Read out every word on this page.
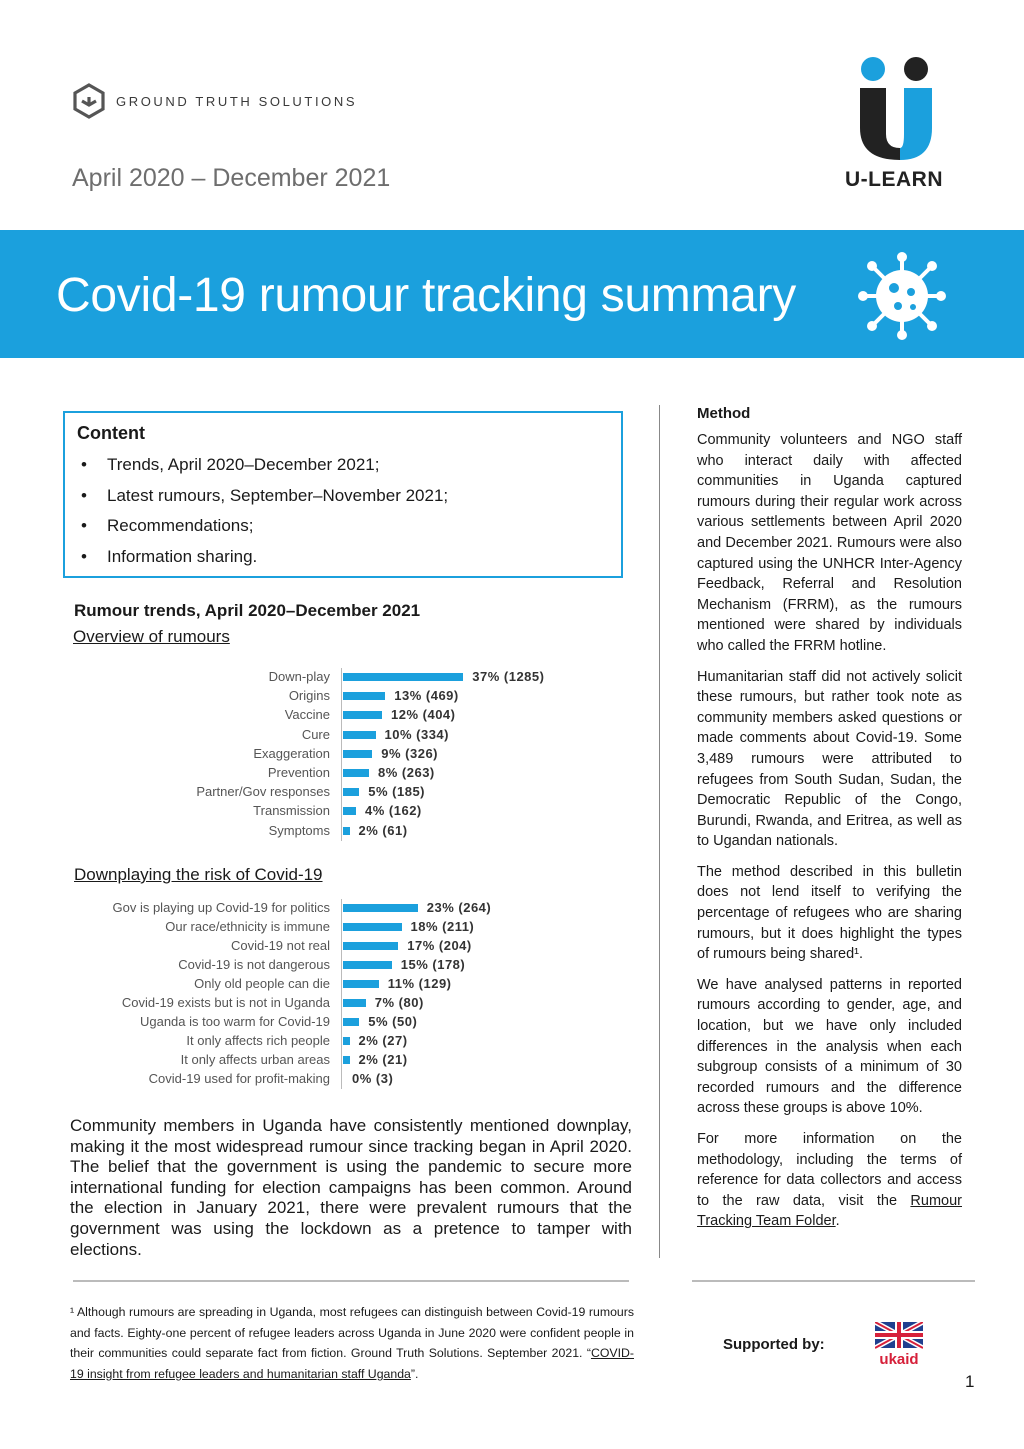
GROUND TRUTH SOLUTIONS
April 2020 – December 2021	U-LEARN
Covid-19 rumour tracking summary
Content
• Trends, April 2020–December 2021;
• Latest rumours, September–November 2021;
• Recommendations;
• Information sharing.
Rumour trends, April 2020–December 2021
Overview of rumours
Down-play	37% (1285)
Origins	13% (469)
Vaccine	12% (404)
Cure	10% (334)
Exaggeration	9% (326)
Prevention	8% (263)
Partner/Gov responses	5% (185)
Transmission	4% (162)
Symptoms 2% (61)
Downplaying the risk of Covid-19
Gov is playing up Covid-19 for politics	23% (264)
Our race/ethnicity is immune	18% (211)
Covid-19 not real	17% (204)
Covid-19 is not dangerous	15% (178)
Only old people can die	11% (129)
Covid-19 exists but is not in Uganda	7% (80)
Uganda is too warm for Covid-19	5% (50)
It only affects rich people 2% (27)
It only affects urban areas 2% (21)
Covid-19 used for profit-making 0% (3)
Community members in Uganda have consistently mentioned downplay, making it the most widespread rumour since tracking began in April 2020. The belief that the government is using the pandemic to secure more international funding for election campaigns has been common. Around the election in January 2021, there were prevalent rumours that the government was using the lockdown as a pretence to tamper with elections.
Method

Community volunteers and NGO staff who interact daily with affected communities in Uganda captured rumours during their regular work across various settlements between April 2020 and December 2021. Rumours were also captured using the UNHCR Inter-Agency Feedback, Referral and Resolution Mechanism (FRRM), as the rumours mentioned were shared by individuals who called the FRRM hotline.

Humanitarian staff did not actively solicit these rumours, but rather took note as community members asked questions or made comments about Covid-19. Some 3,489 rumours were attributed to refugees from South Sudan, Sudan, the Democratic Republic of the Congo, Burundi, Rwanda, and Eritrea, as well as to Ugandan nationals.

The method described in this bulletin does not lend itself to verifying the percentage of refugees who are sharing rumours, but it does highlight the types of rumours being shared¹.

We have analysed patterns in reported rumours according to gender, age, and location, but we have only included differences in the analysis when each subgroup consists of a minimum of 30 recorded rumours and the difference across these groups is above 10%.

For more information on the methodology, including the terms of reference for data collectors and access to the raw data, visit the Rumour Tracking Team Folder.

¹ Although rumours are spreading in Uganda, most refugees can distinguish between Covid-19 rumours and facts. Eighty-one percent of refugee leaders across Uganda in June 2020 were confident people in their communities could separate fact from fiction. Ground Truth Solutions. September 2021. “COVID-19 insight from refugee leaders and humanitarian staff Uganda”.
Supported by:
ukaid
1
